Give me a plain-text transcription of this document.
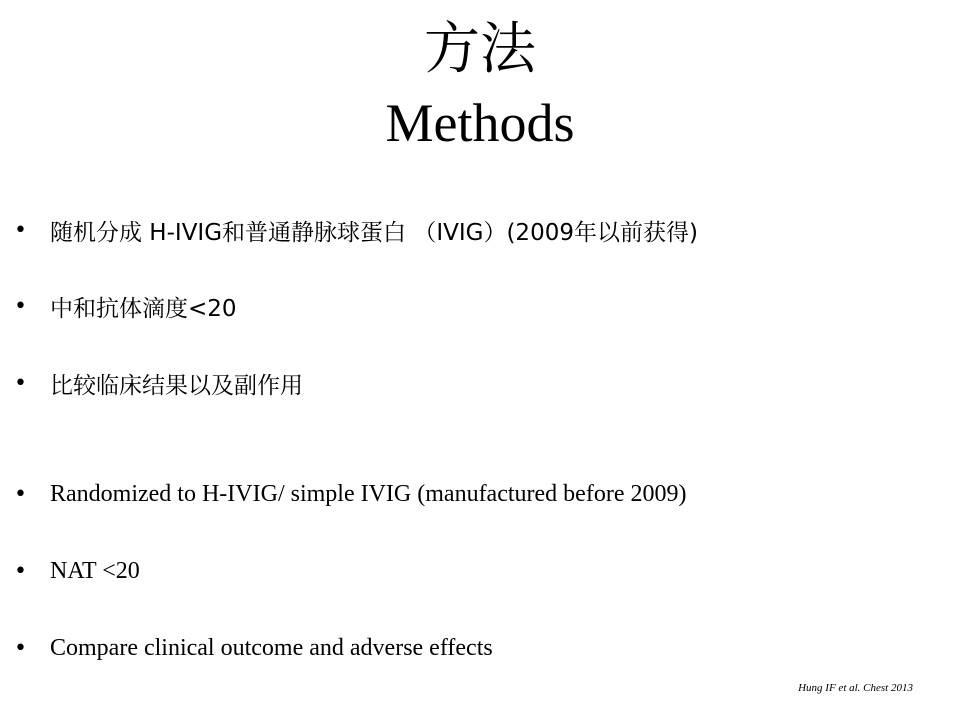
方法
Methods
•	随机分成 H-IVIG和普通静脉球蛋白 （IVIG）(2009年以前获得)
•	中和抗体滴度<20
•	比较临床结果以及副作用
• Randomized to H-IVIG/ simple IVIG (manufactured before 2009)
• NAT <20
• Compare clinical outcome and adverse effects
Hung IF et al. Chest 2013
